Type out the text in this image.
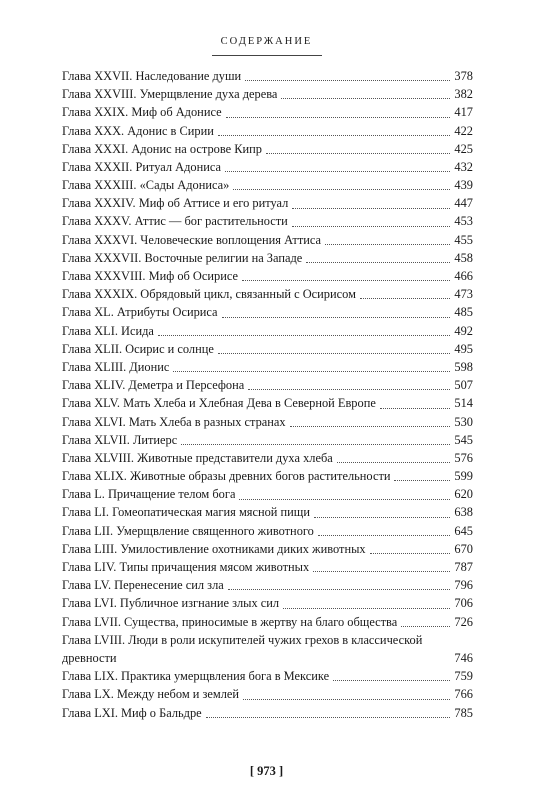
СОДЕРЖАНИЕ
Глава XXVII. Наследование души	378
Глава XXVIII. Умерщвление духа дерева	382
Глава XXIX. Миф об Адонисе	417
Глава XXX. Адонис в Сирии	422
Глава XXXI. Адонис на острове Кипр	425
Глава XXXII. Ритуал Адониса	432
Глава XXXIII. «Сады Адониса»	439
Глава XXXIV. Миф об Аттисе и его ритуал	447
Глава XXXV. Аттис — бог растительности	453
Глава XXXVI. Человеческие воплощения Аттиса	455
Глава XXXVII. Восточные религии на Западе	458
Глава XXXVIII. Миф об Осирисе	466
Глава XXXIX. Обрядовый цикл, связанный с Осирисом	473
Глава XL. Атрибуты Осириса	485
Глава XLI. Исида	492
Глава XLII. Осирис и солнце	495
Глава XLIII. Дионис	598
Глава XLIV. Деметра и Персефона	507
Глава XLV. Мать Хлеба и Хлебная Дева в Северной Европе	514
Глава XLVI. Мать Хлеба в разных странах	530
Глава XLVII. Литиерс	545
Глава XLVIII. Животные представители духа хлеба	576
Глава XLIX. Животные образы древних богов растительности	599
Глава L. Причащение телом бога	620
Глава LI. Гомеопатическая магия мясной пищи	638
Глава LII. Умерщвление священного животного	645
Глава LIII. Умилостивление охотниками диких животных	670
Глава LIV. Типы причащения мясом животных	787
Глава LV. Перенесение сил зла	796
Глава LVI. Публичное изгнание злых сил	706
Глава LVII. Существа, приносимые в жертву на благо общества	726
Глава LVIII. Люди в роли искупителей чужих грехов в классической древности	746
Глава LIX. Практика умерщвления бога в Мексике	759
Глава LX. Между небом и землей	766
Глава LXI. Миф о Бальдре	785
[ 973 ]
